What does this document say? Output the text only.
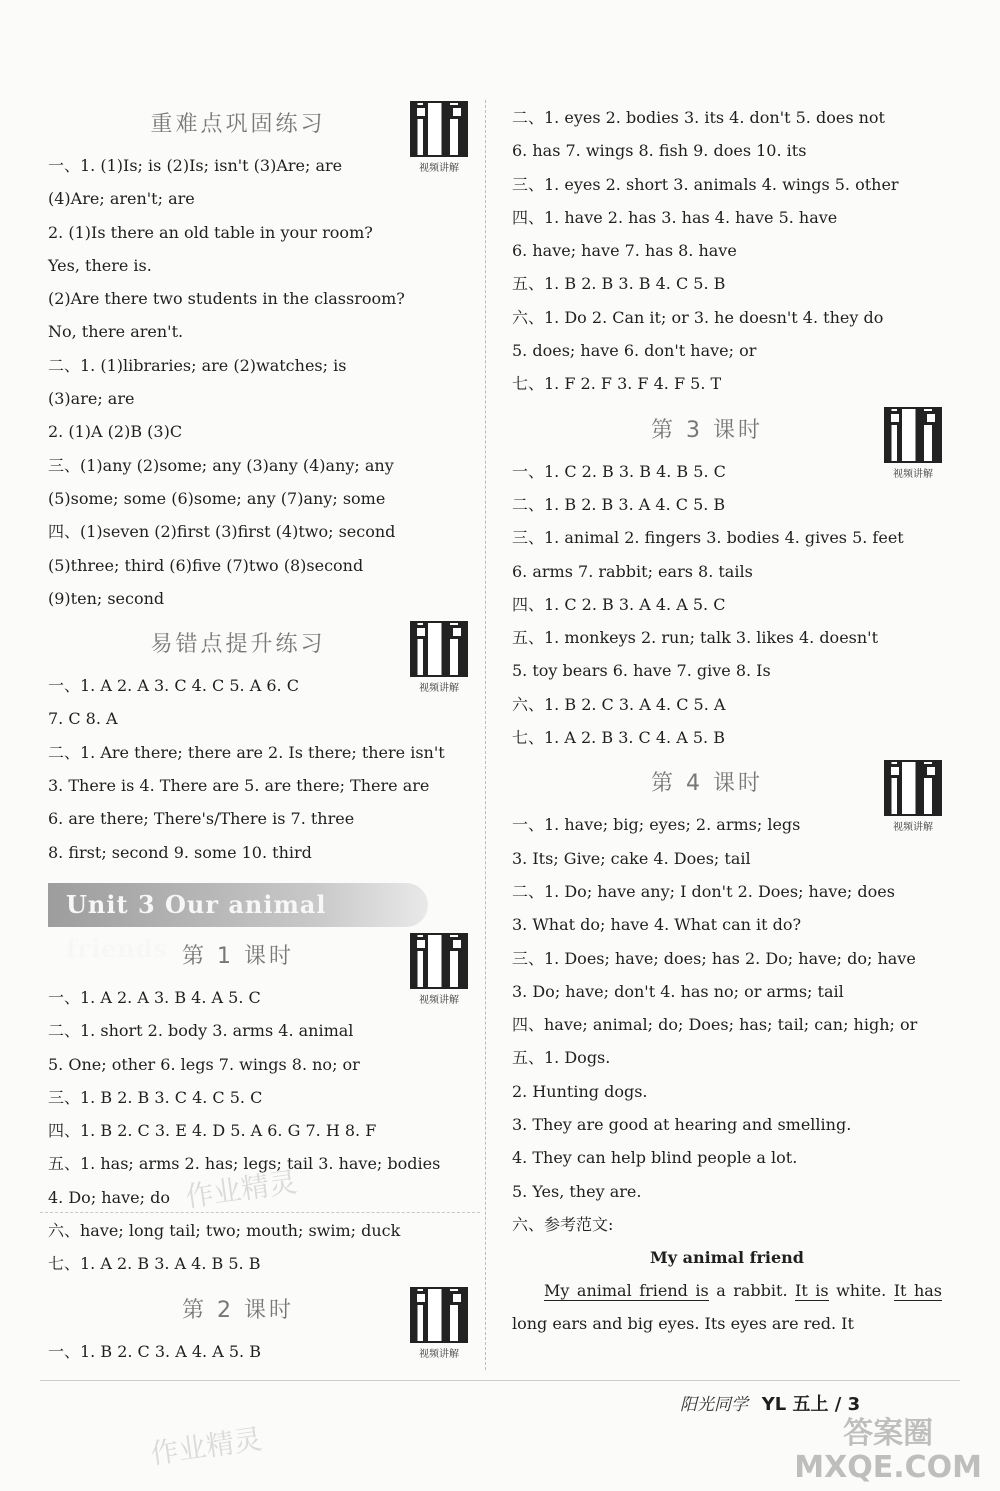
重难点巩固练习
视频讲解
一、1. (1)Is; is (2)Is; isn't (3)Are; are
(4)Are; aren't; are
2. (1)Is there an old table in your room?
Yes, there is.
(2)Are there two students in the classroom?
No, there aren't.
二、1. (1)libraries; are (2)watches; is
(3)are; are
2. (1)A (2)B (3)C
三、(1)any (2)some; any (3)any (4)any; any
(5)some; some (6)some; any (7)any; some
四、(1)seven (2)first (3)first (4)two; second
(5)three; third (6)five (7)two (8)second
(9)ten; second
易错点提升练习
视频讲解
一、1. A 2. A 3. C 4. C 5. A 6. C
7. C 8. A
二、1. Are there; there are 2. Is there; there isn't
3. There is 4. There are 5. are there; There are
6. are there; There's/There is 7. three
8. first; second 9. some 10. third
Unit 3 Our animal friends 第 1 课时
视频讲解
一、1. A 2. A 3. B 4. A 5. C
二、1. short 2. body 3. arms 4. animal
5. One; other 6. legs 7. wings 8. no; or
三、1. B 2. B 3. C 4. C 5. C
四、1. B 2. C 3. E 4. D 5. A 6. G 7. H 8. F
五、1. has; arms 2. has; legs; tail 3. have; bodies
4. Do; have; do
六、have; long tail; two; mouth; swim; duck
七、1. A 2. B 3. A 4. B 5. B
第 2 课时
视频讲解
一、1. B 2. C 3. A 4. A 5. B
二、1. eyes 2. bodies 3. its 4. don't 5. does not
6. has 7. wings 8. fish 9. does 10. its
三、1. eyes 2. short 3. animals 4. wings 5. other
四、1. have 2. has 3. has 4. have 5. have
6. have; have 7. has 8. have
五、1. B 2. B 3. B 4. C 5. B
六、1. Do 2. Can it; or 3. he doesn't 4. they do
5. does; have 6. don't have; or
七、1. F 2. F 3. F 4. F 5. T
第 3 课时
视频讲解
一、1. C 2. B 3. B 4. B 5. C
二、1. B 2. B 3. A 4. C 5. B
三、1. animal 2. fingers 3. bodies 4. gives 5. feet
6. arms 7. rabbit; ears 8. tails
四、1. C 2. B 3. A 4. A 5. C
五、1. monkeys 2. run; talk 3. likes 4. doesn't
5. toy bears 6. have 7. give 8. Is
六、1. B 2. C 3. A 4. C 5. A
七、1. A 2. B 3. C 4. A 5. B
第 4 课时
视频讲解
一、1. have; big; eyes; 2. arms; legs
3. Its; Give; cake 4. Does; tail
二、1. Do; have any; I don't 2. Does; have; does
3. What do; have 4. What can it do?
三、1. Does; have; does; has 2. Do; have; do; have
3. Do; have; don't 4. has no; or arms; tail
四、have; animal; do; Does; has; tail; can; high; or
五、1. Dogs.
2. Hunting dogs.
3. They are good at hearing and smelling.
4. They can help blind people a lot.
5. Yes, they are.
六、参考范文:
My animal friend
My animal friend is a rabbit. It is white. It has long ears and big eyes. Its eyes are red. It
作业精灵
作业精灵
阳光同学 YL 五上 / 3
答案圈
MXQE.COM
